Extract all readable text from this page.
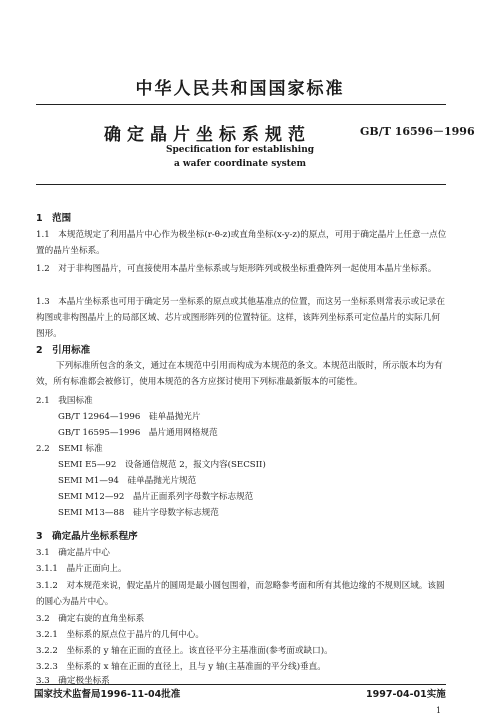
中华人民共和国国家标准
确定晶片坐标系规范	GB/T 16596－1996
Specification for establishing
a wafer coordinate system
1　范围
1.1　本规范规定了利用晶片中心作为极坐标(r-θ-z)或直角坐标(x-y-z)的原点，可用于确定晶片上任意一点位置的晶片坐标系。
1.2　对于非构图晶片，可直接使用本晶片坐标系或与矩形阵列或极坐标重叠阵列一起使用本晶片坐标系。
1.3　本晶片坐标系也可用于确定另一坐标系的原点或其他基准点的位置，而这另一坐标系则常表示或记录在构图或非构图晶片上的局部区域、芯片或图形阵列的位置特征。这样，该阵列坐标系可定位晶片的实际几何图形。
2　引用标准
下列标准所包含的条文，通过在本规范中引用而构成为本规范的条文。本规范出版时，所示版本均为有效，所有标准都会被修订，使用本规范的各方应探讨使用下列标准最新版本的可能性。
2.1　我国标准
GB/T 12964—1996　硅单晶抛光片
GB/T 16595—1996　晶片通用网格规范
2.2　SEMI 标准
SEMI E5—92　设备通信规范 2，报文内容(SECSII)
SEMI M1—94　硅单晶抛光片规范
SEMI M12—92　晶片正面系列字母数字标志规范
SEMI M13—88　硅片字母数字标志规范
3　确定晶片坐标系程序
3.1　确定晶片中心
3.1.1　晶片正面向上。
3.1.2　对本规范来说，假定晶片的圆周是最小圆包围着，而忽略参考面和所有其他边缘的不规则区域。该圆的圆心为晶片中心。
3.2　确定右旋的直角坐标系
3.2.1　坐标系的原点位于晶片的几何中心。
3.2.2　坐标系的 y 轴在正面的直径上。该直径平分主基准面(参考面或缺口)。
3.2.3　坐标系的 x 轴在正面的直径上，且与 y 轴(主基准面的平分线)垂直。
3.3　确定极坐标系
国家技术监督局1996-11-04批准	1997-04-01实施
1
